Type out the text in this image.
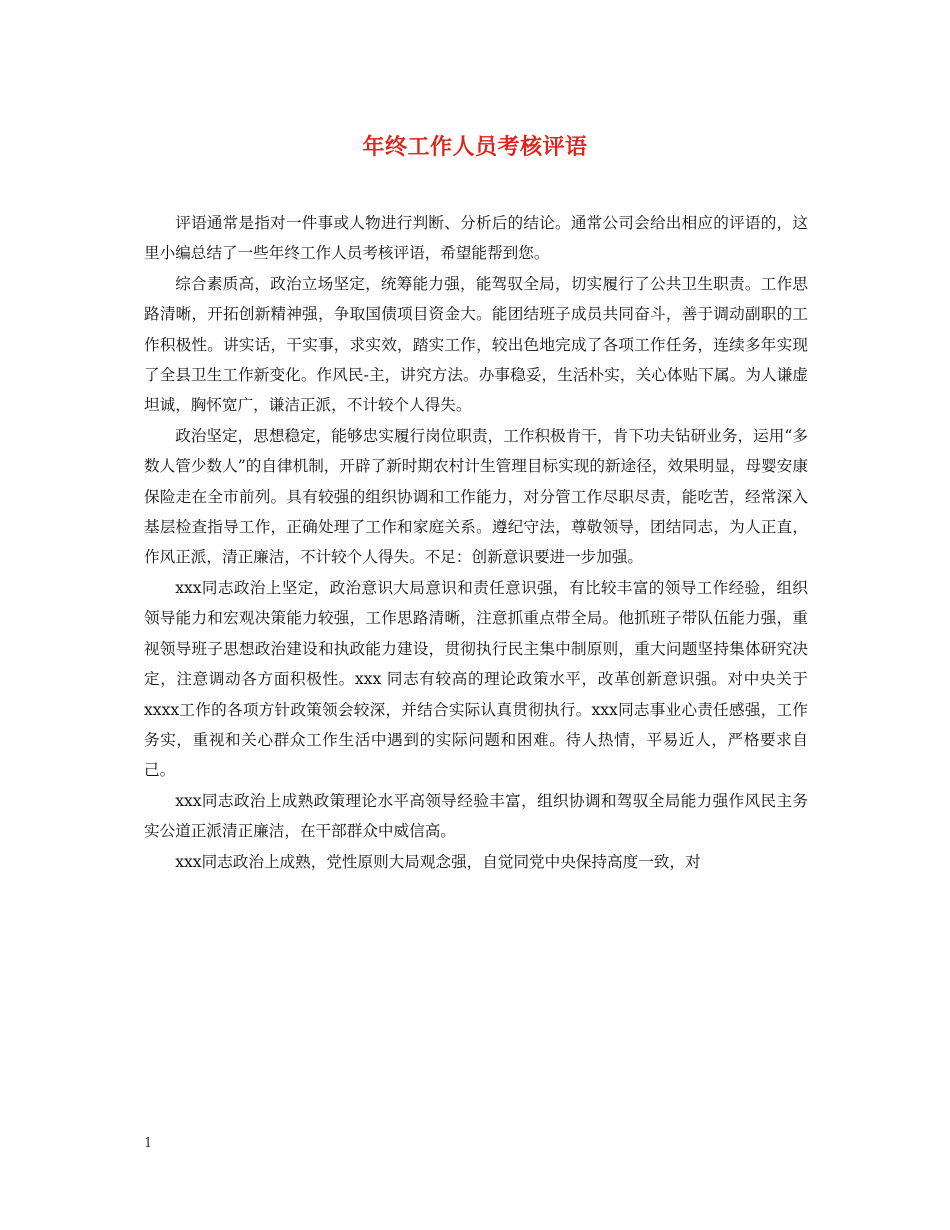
年终工作人员考核评语

评语通常是指对一件事或人物进行判断、分析后的结论。通常公司会给出相应的评语的，这里小编总结了一些年终工作人员考核评语，希望能帮到您。

综合素质高，政治立场坚定，统筹能力强，能驾驭全局，切实履行了公共卫生职责。工作思路清晰，开拓创新精神强，争取国债项目资金大。能团结班子成员共同奋斗，善于调动副职的工作积极性。讲实话，干实事，求实效，踏实工作，较出色地完成了各项工作任务，连续多年实现了全县卫生工作新变化。作风民-主，讲究方法。办事稳妥，生活朴实，关心体贴下属。为人谦虚坦诚，胸怀宽广，谦洁正派，不计较个人得失。

政治坚定，思想稳定，能够忠实履行岗位职责，工作积极肯干，肯下功夫钻研业务，运用“多数人管少数人”的自律机制，开辟了新时期农村计生管理目标实现的新途径，效果明显，母婴安康保险走在全市前列。具有较强的组织协调和工作能力，对分管工作尽职尽责，能吃苦，经常深入基层检查指导工作，正确处理了工作和家庭关系。遵纪守法，尊敬领导，团结同志，为人正直，作风正派，清正廉洁，不计较个人得失。不足：创新意识要进一步加强。

xxx同志政治上坚定，政治意识大局意识和责任意识强，有比较丰富的领导工作经验，组织领导能力和宏观决策能力较强，工作思路清晰，注意抓重点带全局。他抓班子带队伍能力强，重视领导班子思想政治建设和执政能力建设，贯彻执行民主集中制原则，重大问题坚持集体研究决定，注意调动各方面积极性。xxx 同志有较高的理论政策水平，改革创新意识强。对中央关于xxxx工作的各项方针政策领会较深，并结合实际认真贯彻执行。xxx同志事业心责任感强，工作务实，重视和关心群众工作生活中遇到的实际问题和困难。待人热情，平易近人，严格要求自己。

xxx同志政治上成熟政策理论水平高领导经验丰富，组织协调和驾驭全局能力强作风民主务实公道正派清正廉洁，在干部群众中威信高。

xxx同志政治上成熟，党性原则大局观念强，自觉同党中央保持高度一致，对

1
